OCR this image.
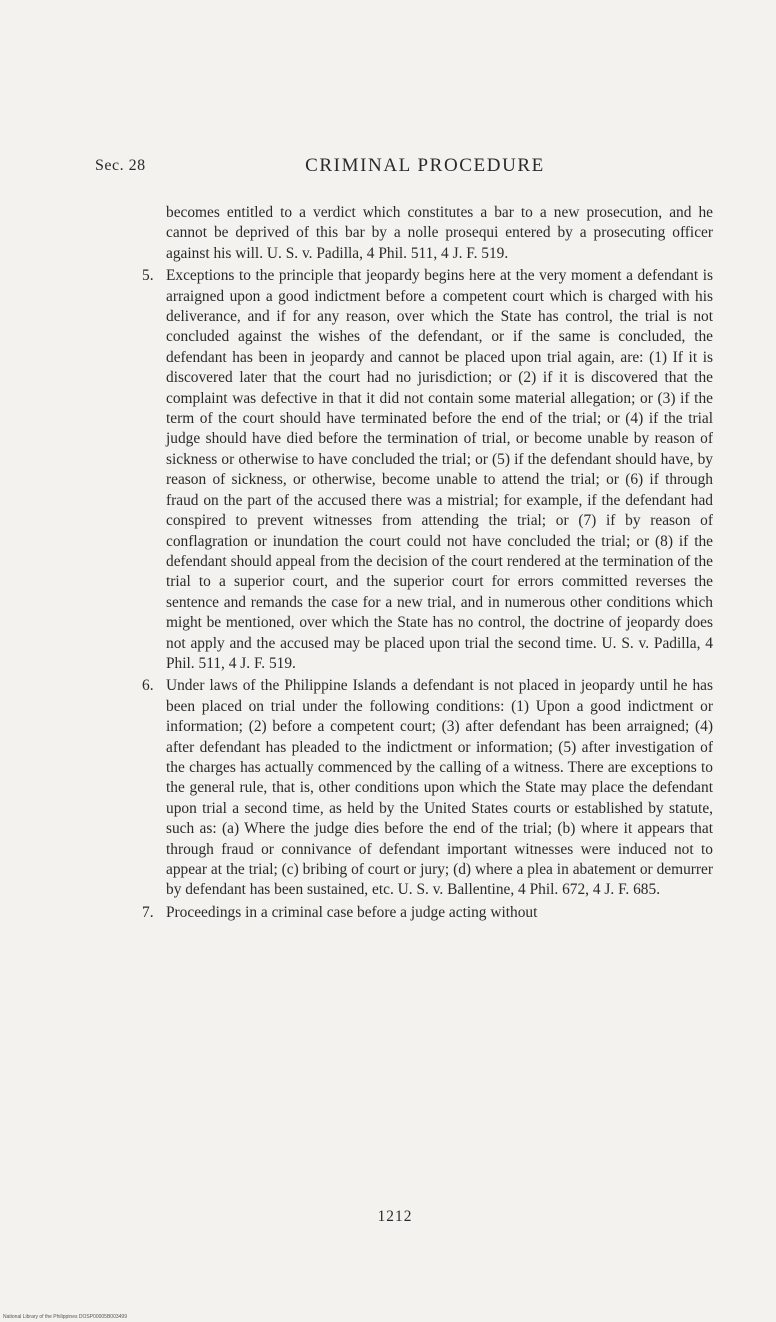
Sec. 28	CRIMINAL PROCEDURE

becomes entitled to a verdict which constitutes a bar to a new prosecution, and he cannot be deprived of this bar by a nolle prosequi entered by a prosecuting officer against his will. U. S. v. Padilla, 4 Phil. 511, 4 J. F. 519.

5. Exceptions to the principle that jeopardy begins here at the very moment a defendant is arraigned upon a good indictment before a competent court which is charged with his deliverance, and if for any reason, over which the State has control, the trial is not concluded against the wishes of the defendant, or if the same is concluded, the defendant has been in jeopardy and cannot be placed upon trial again, are: (1) If it is discovered later that the court had no jurisdiction; or (2) if it is discovered that the complaint was defective in that it did not contain some material allegation; or (3) if the term of the court should have terminated before the end of the trial; or (4) if the trial judge should have died before the termination of trial, or become unable by reason of sickness or otherwise to have concluded the trial; or (5) if the defendant should have, by reason of sickness, or otherwise, become unable to attend the trial; or (6) if through fraud on the part of the accused there was a mistrial; for example, if the defendant had conspired to prevent witnesses from attending the trial; or (7) if by reason of conflagration or inundation the court could not have concluded the trial; or (8) if the defendant should appeal from the decision of the court rendered at the termination of the trial to a superior court, and the superior court for errors committed reverses the sentence and remands the case for a new trial, and in numerous other conditions which might be mentioned, over which the State has no control, the doctrine of jeopardy does not apply and the accused may be placed upon trial the second time. U. S. v. Padilla, 4 Phil. 511, 4 J. F. 519.

6. Under laws of the Philippine Islands a defendant is not placed in jeopardy until he has been placed on trial under the following conditions: (1) Upon a good indictment or information; (2) before a competent court; (3) after defendant has been arraigned; (4) after defendant has pleaded to the indictment or information; (5) after investigation of the charges has actually commenced by the calling of a witness. There are exceptions to the general rule, that is, other conditions upon which the State may place the defendant upon trial a second time, as held by the United States courts or established by statute, such as: (a) Where the judge dies before the end of the trial; (b) where it appears that through fraud or connivance of defendant important witnesses were induced not to appear at the trial; (c) bribing of court or jury; (d) where a plea in abatement or demurrer by defendant has been sustained, etc. U. S. v. Ballentine, 4 Phil. 672, 4 J. F. 685.

7. Proceedings in a criminal case before a judge acting without

1212
National Library of the Philippines DOSP00005B003499
